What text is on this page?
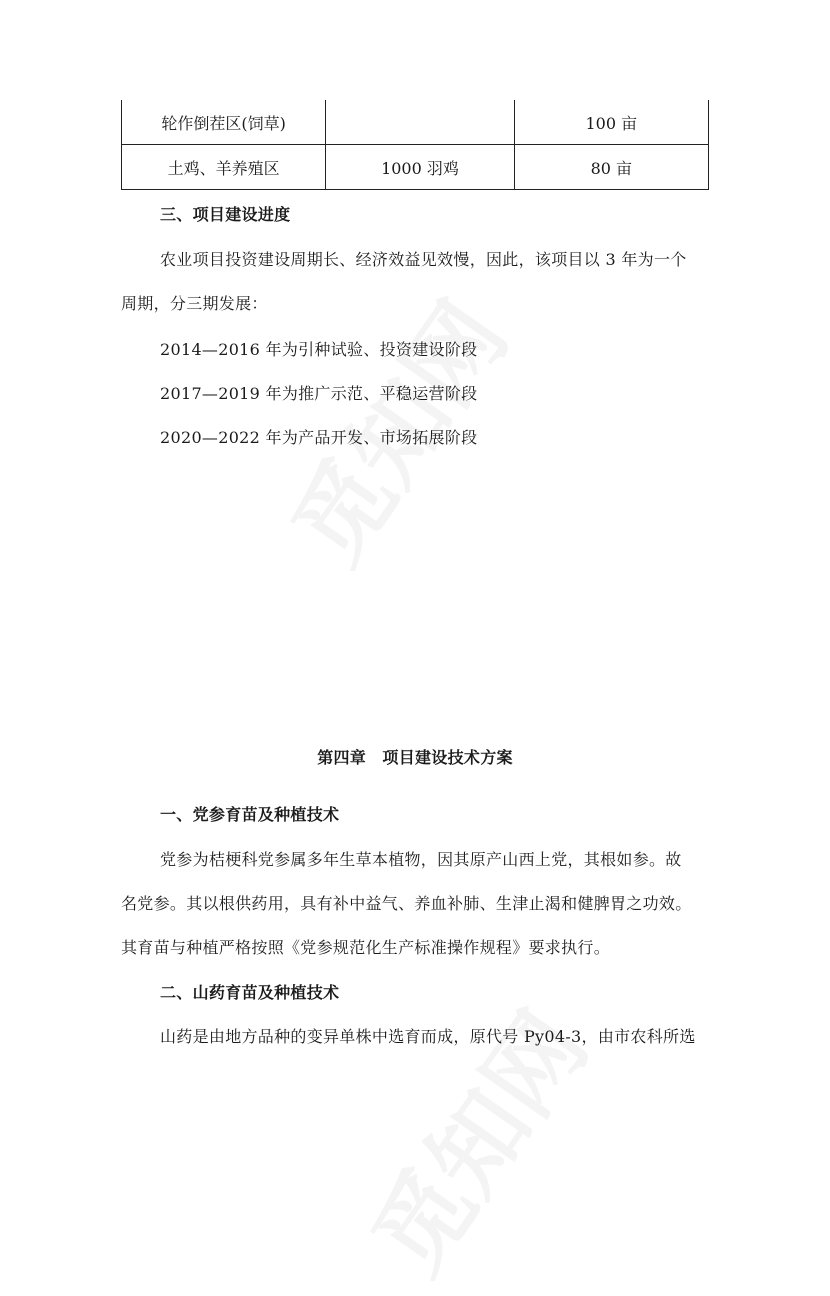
轮作倒茬区(饲草)		100 亩
土鸡、羊养殖区	1000 羽鸡	80 亩
三、项目建设进度
农业项目投资建设周期长、经济效益见效慢，因此，该项目以 3 年为一个
周期，分三期发展：
2014—2016 年为引种试验、投资建设阶段
2017—2019 年为推广示范、平稳运营阶段
2020—2022 年为产品开发、市场拓展阶段
第四章　项目建设技术方案
一、党参育苗及种植技术
党参为桔梗科党参属多年生草本植物，因其原产山西上党，其根如参。故
名党参。其以根供药用，具有补中益气、养血补肺、生津止渴和健脾胃之功效。
其育苗与种植严格按照《党参规范化生产标准操作规程》要求执行。
二、山药育苗及种植技术
山药是由地方品种的变异单株中选育而成，原代号 Py04-3，由市农科所选
